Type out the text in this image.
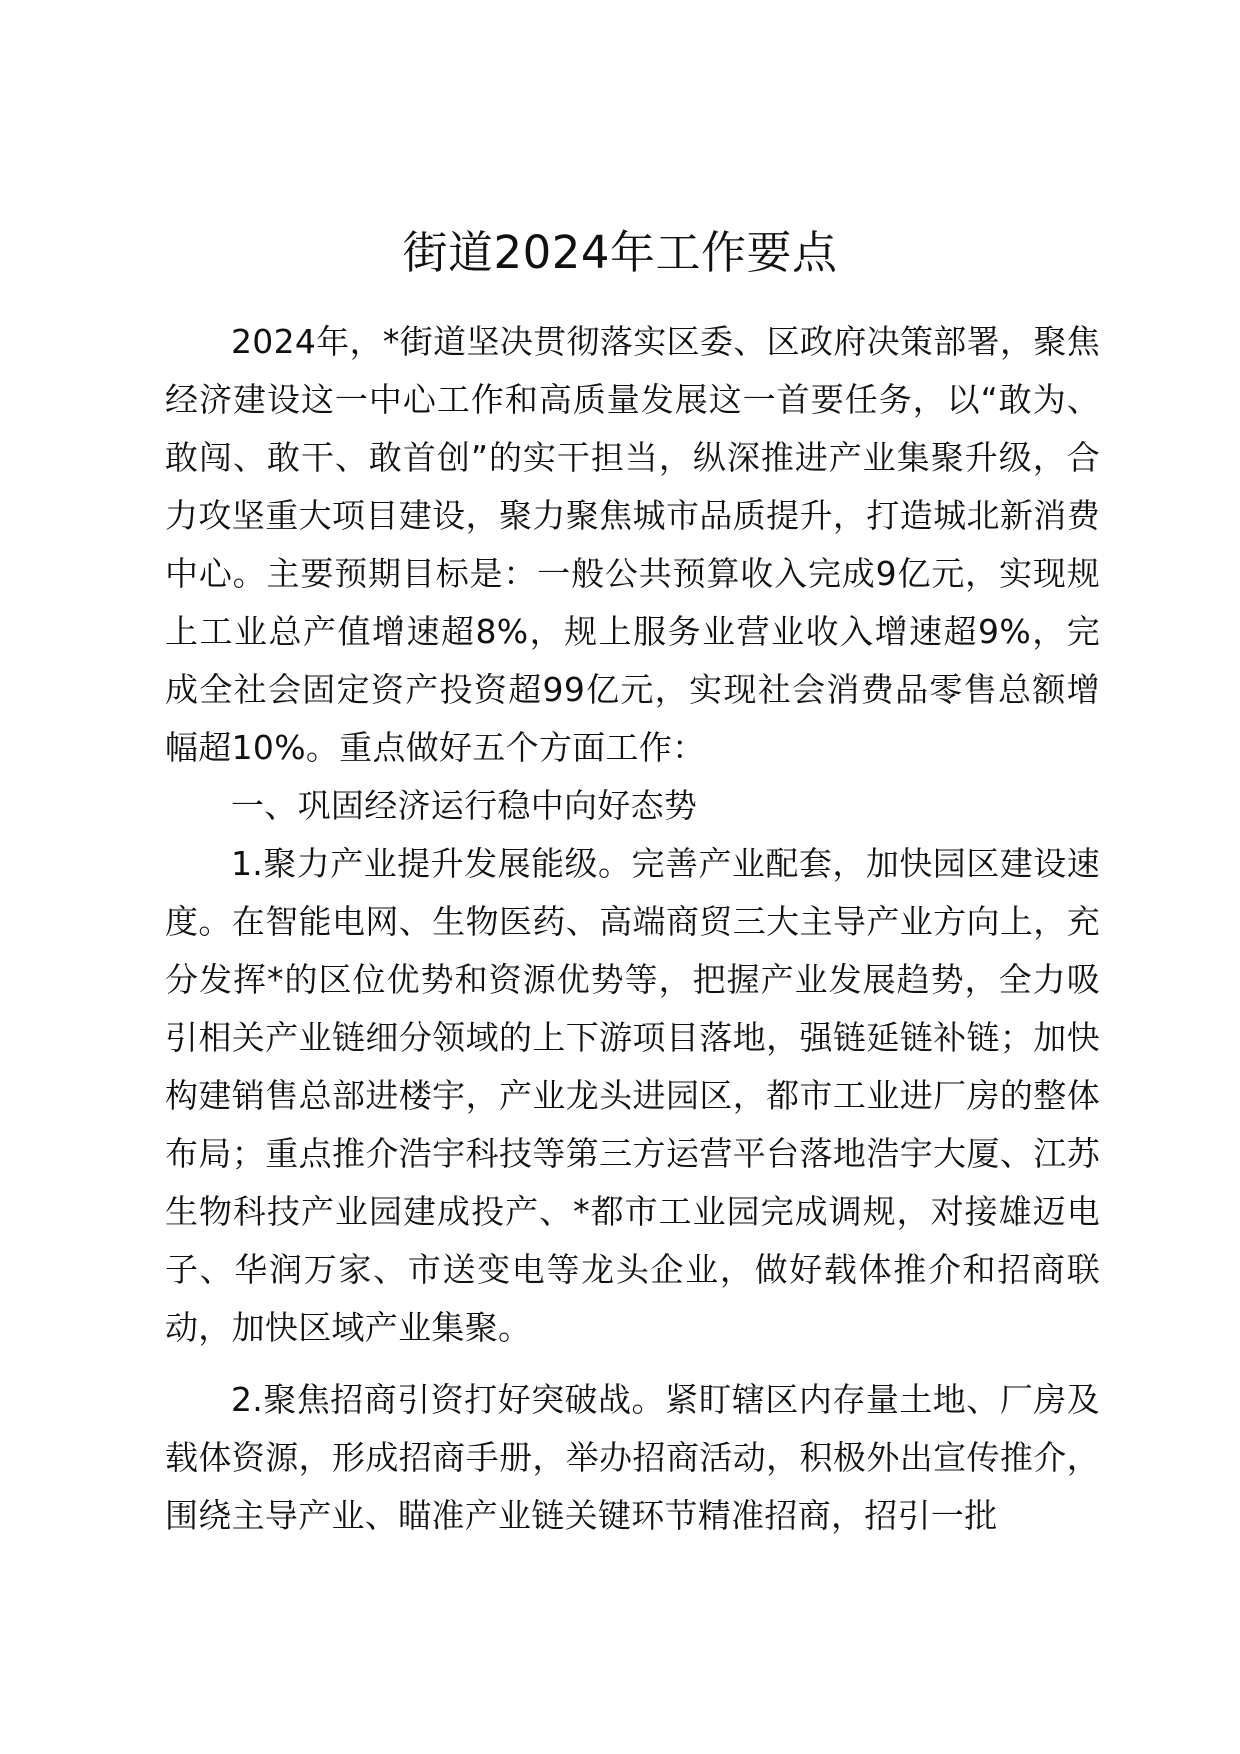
街道2024年工作要点

2024年，*街道坚决贯彻落实区委、区政府决策部署，聚焦经济建设这一中心工作和高质量发展这一首要任务，以“敢为、敢闯、敢干、敢首创”的实干担当，纵深推进产业集聚升级，合力攻坚重大项目建设，聚力聚焦城市品质提升，打造城北新消费中心。主要预期目标是：一般公共预算收入完成9亿元，实现规上工业总产值增速超8%，规上服务业营业收入增速超9%，完成全社会固定资产投资超99亿元，实现社会消费品零售总额增幅超10%。重点做好五个方面工作：

一、巩固经济运行稳中向好态势

1.聚力产业提升发展能级。完善产业配套，加快园区建设速度。在智能电网、生物医药、高端商贸三大主导产业方向上，充分发挥*的区位优势和资源优势等，把握产业发展趋势，全力吸引相关产业链细分领域的上下游项目落地，强链延链补链；加快构建销售总部进楼宇，产业龙头进园区，都市工业进厂房的整体布局；重点推介浩宇科技等第三方运营平台落地浩宇大厦、江苏生物科技产业园建成投产、*都市工业园完成调规，对接雄迈电子、华润万家、市送变电等龙头企业，做好载体推介和招商联动，加快区域产业集聚。

2.聚焦招商引资打好突破战。紧盯辖区内存量土地、厂房及载体资源，形成招商手册，举办招商活动，积极外出宣传推介，围绕主导产业、瞄准产业链关键环节精准招商，招引一批
